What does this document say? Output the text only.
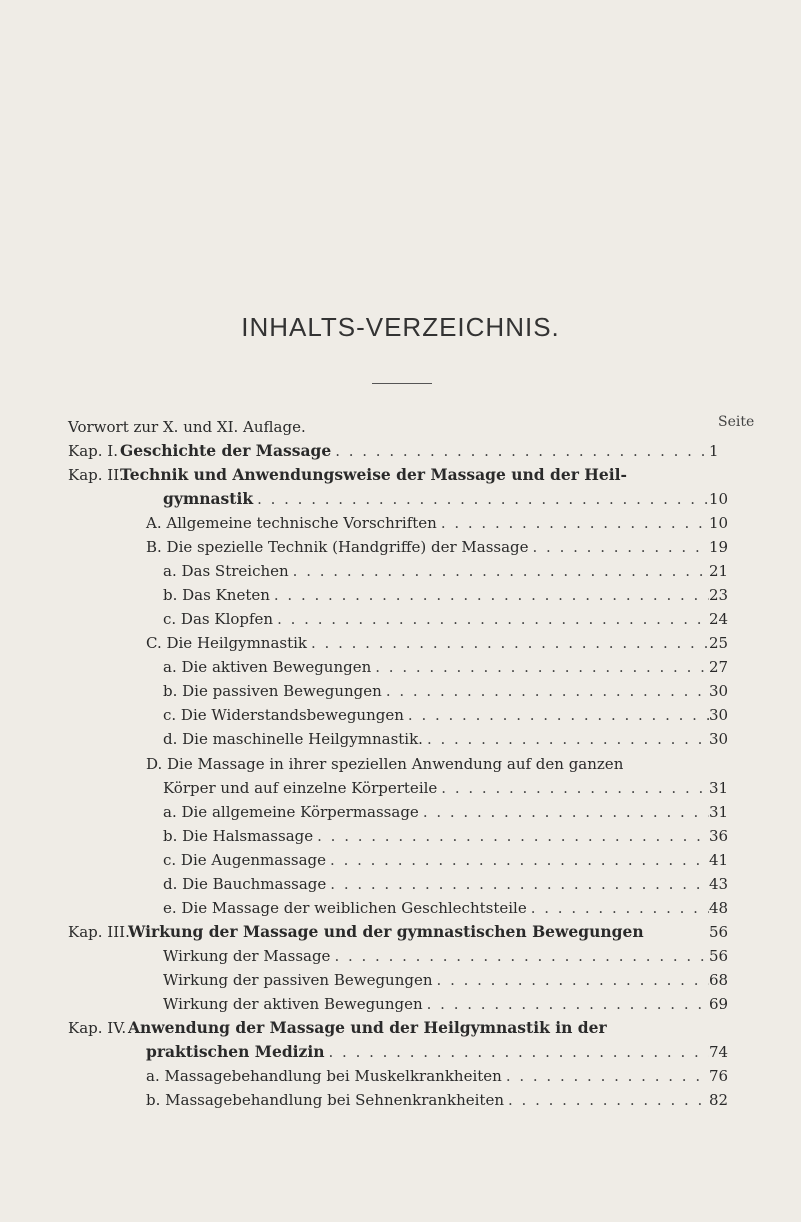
INHALTS-VERZEICHNIS.
Seite
Vorwort zur X. und XI. Auflage.
Kap. I. Geschichte der Massage . . .	1
Kap. II.
Technik und Anwendungsweise der Massage und der Heil-
gymnastik . . .	10
A. Allgemeine technische Vorschriften . . .	10
B. Die spezielle Technik (Handgriffe) der Massage . . .	19
a. Das Streichen . . .	21
b. Das Kneten . . .	23
c. Das Klopfen . . .	24
C. Die Heilgymnastik . . .	25
a. Die aktiven Bewegungen . . .	27
b. Die passiven Bewegungen . . .	30
c. Die Widerstandsbewegungen . . .	30
d. Die maschinelle Heilgymnastik. . . .	30
D. Die Massage in ihrer speziellen Anwendung auf den ganzen
Körper und auf einzelne Körperteile . . .	31
a. Die allgemeine Körpermassage . . .	31
b. Die Halsmassage . . .	36
c. Die Augenmassage . . .	41
d. Die Bauchmassage . . .	43
e. Die Massage der weiblichen Geschlechtsteile . . .	48
Kap. III.
Wirkung der Massage und der gymnastischen Bewegungen	56
Wirkung der Massage . . .	56
Wirkung der passiven Bewegungen . . .	68
Wirkung der aktiven Bewegungen . . .	69
Kap. IV. Anwendung der Massage und der Heilgymnastik in der
praktischen Medizin . . .	74
a. Massagebehandlung bei Muskelkrankheiten . . .	76
b. Massagebehandlung bei Sehnenkrankheiten . . .	82
